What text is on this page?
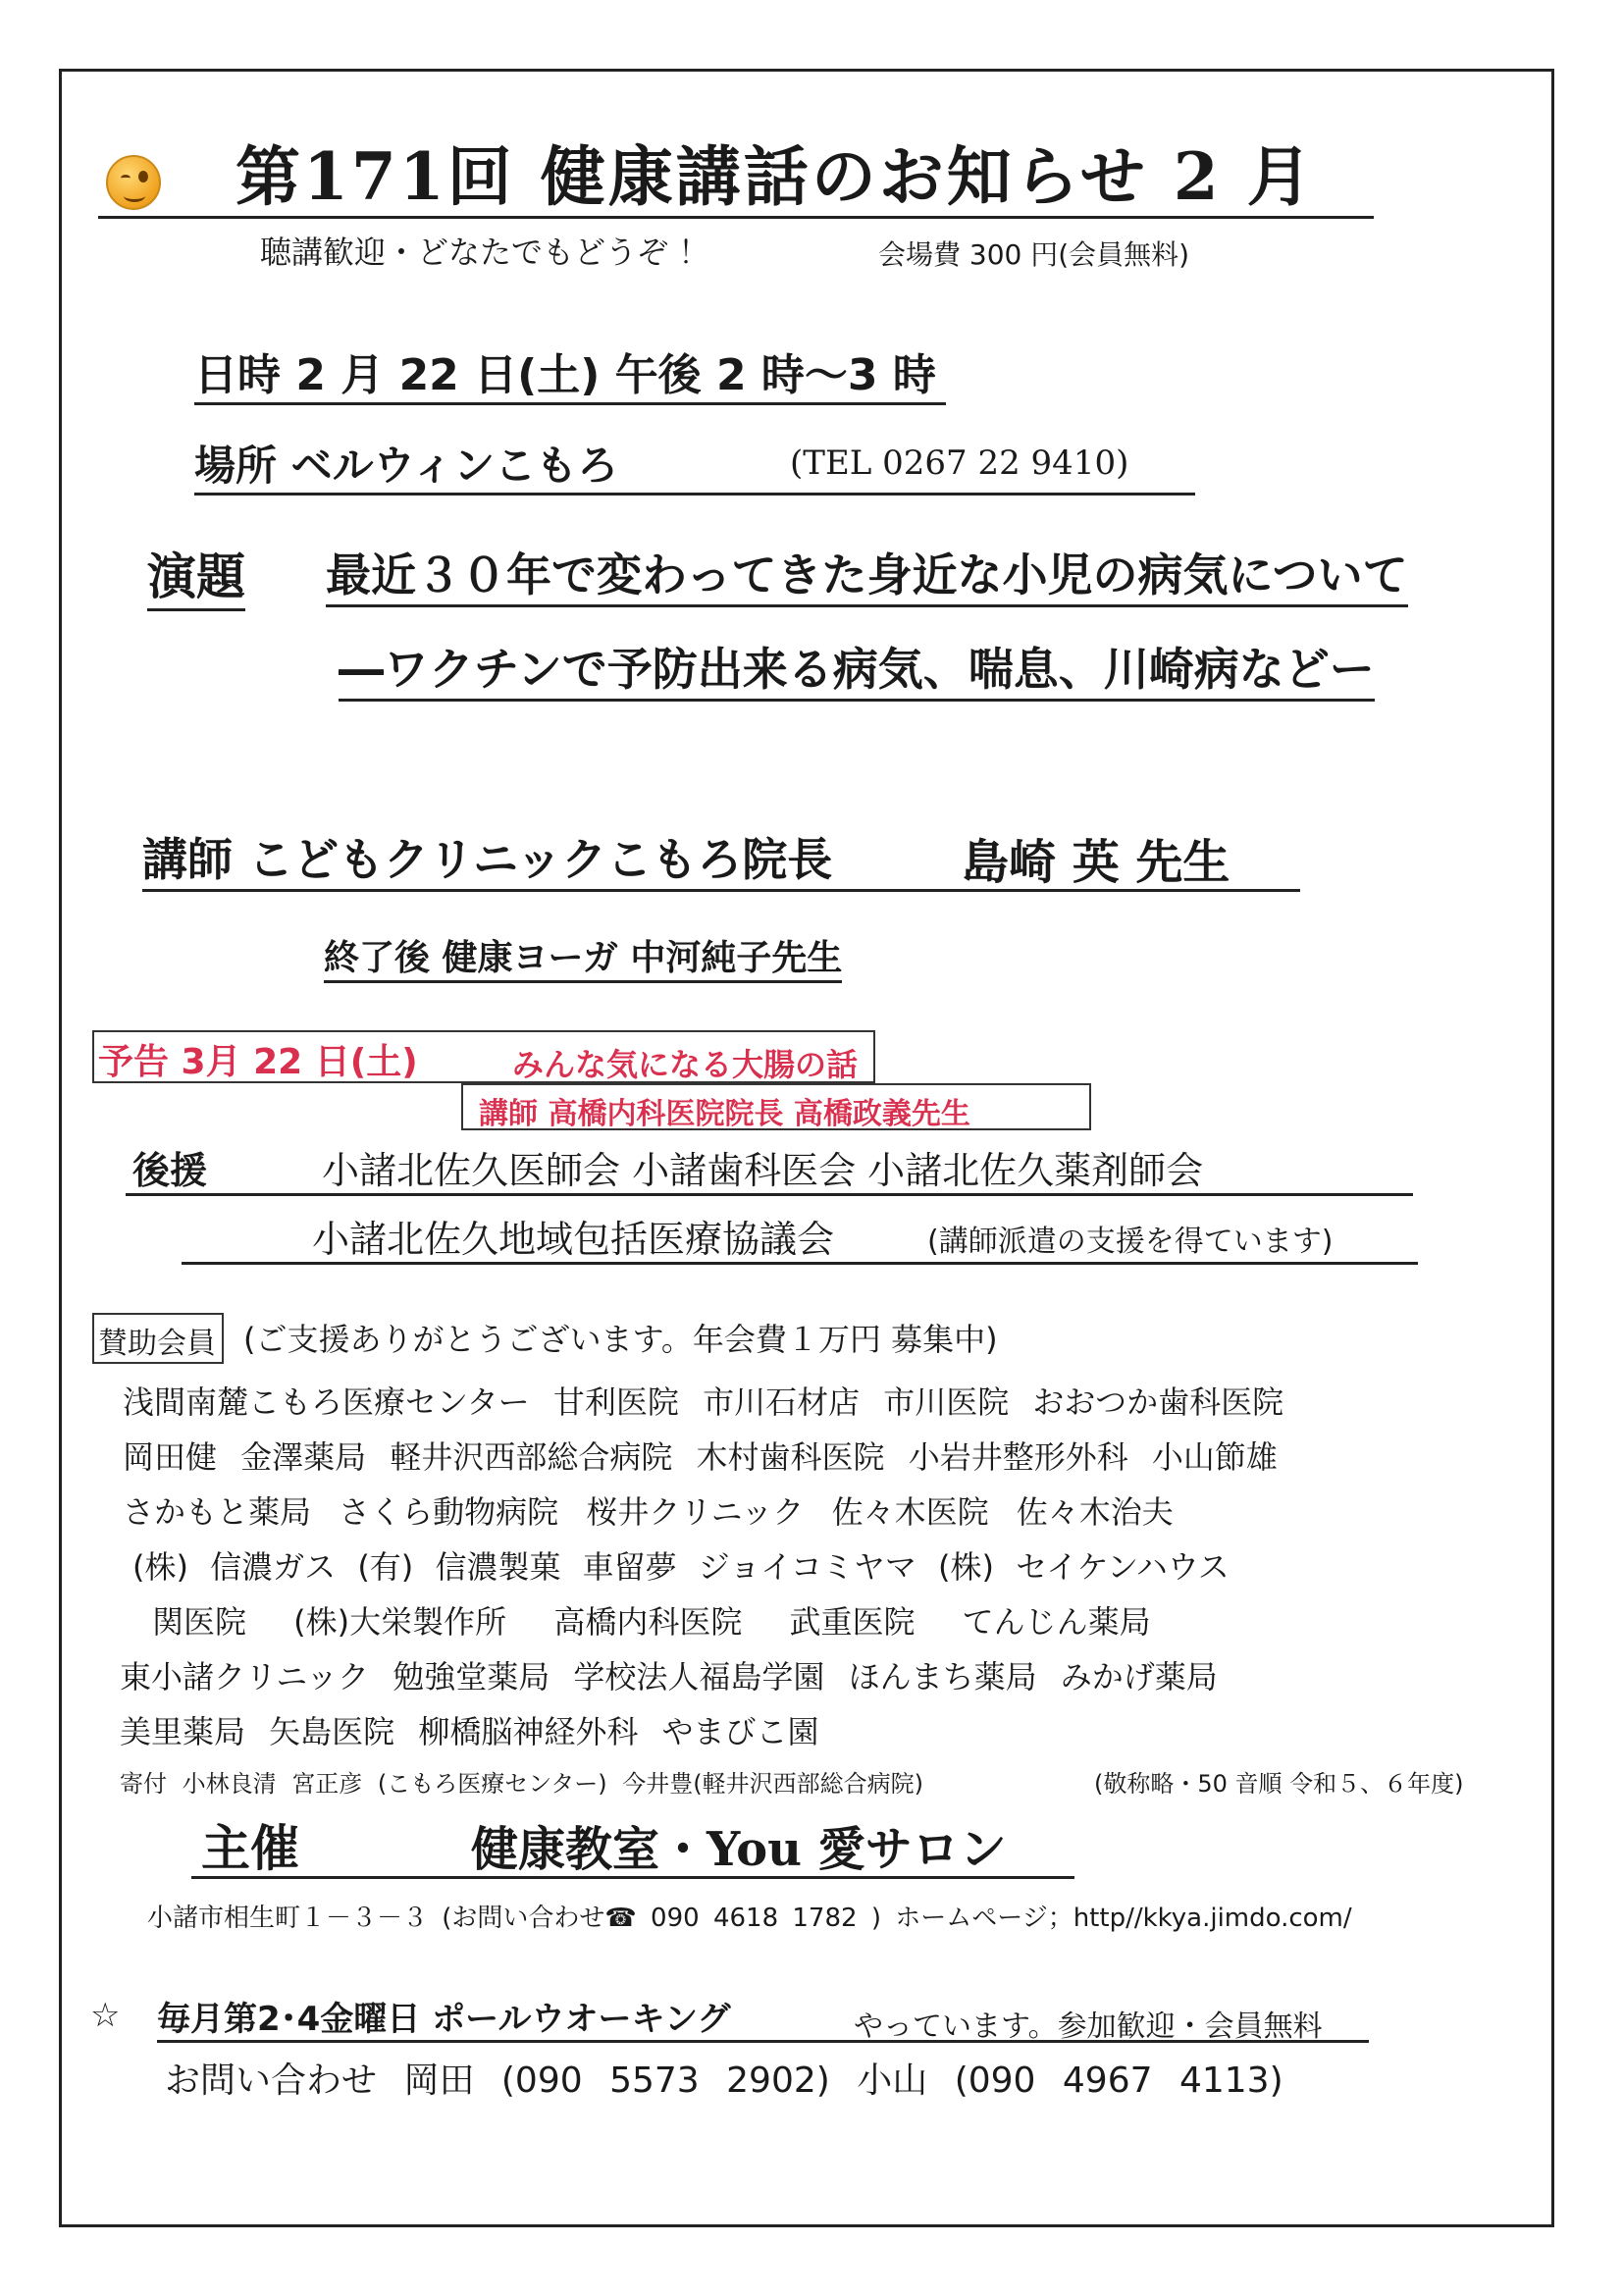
第171回 健康講話のお知らせ 2 月
聴講歓迎・どなたでもどうぞ ！	会場費 300 円(会員無料)
日時 2 月 22 日(土) 午後 2 時～3 時
場所 ベルウィンこもろ	(TEL 0267 22 9410)
演題 最近３０年で変わってきた身近な小児の病気について
―ワクチンで予防出来る病気、喘息、川崎病などー
講師 こどもクリニックこもろ院長	島崎 英 先生
終了後 健康ヨーガ 中河純子先生
予告 3月 22 日(土)	みんな気になる大腸の話
講師 高橋内科医院院長 高橋政義先生
後援	小諸北佐久医師会 小諸歯科医会 小諸北佐久薬剤師会
小諸北佐久地域包括医療協議会	(講師派遣の支援を得ています)
賛助会員 (ご支援ありがとうございます。年会費１万円 募集中)
浅間南麓こもろ医療センター 甘利医院 市川石材店 市川医院 おおつか歯科医院
岡田健 金澤薬局 軽井沢西部総合病院 木村歯科医院 小岩井整形外科 小山節雄
さかもと薬局 さくら動物病院 桜井クリニック 佐々木医院 佐々木治夫
(株) 信濃ガス (有) 信濃製菓 車留夢 ジョイコミヤマ (株) セイケンハウス
関医院 (株)大栄製作所 高橋内科医院 武重医院 てんじん薬局
東小諸クリニック 勉強堂薬局 学校法人福島学園 ほんまち薬局 みかげ薬局
美里薬局 矢島医院 柳橋脳神経外科 やまびこ園
寄付 小林良清 宮正彦 (こもろ医療センター) 今井豊(軽井沢西部総合病院)	(敬称略・50 音順 令和５、６年度)
主催	健康教室・You 愛サロン
小諸市相生町１－３－３ (お問い合わせ☎ 090 4618 1782 ) ホームページ；http//kkya.jimdo.com/
☆ 毎月第2･4金曜日 ポールウオーキング	やっています。参加歓迎・会員無料
お問い合わせ 岡田 (090 5573 2902) 小山 (090 4967 4113)
